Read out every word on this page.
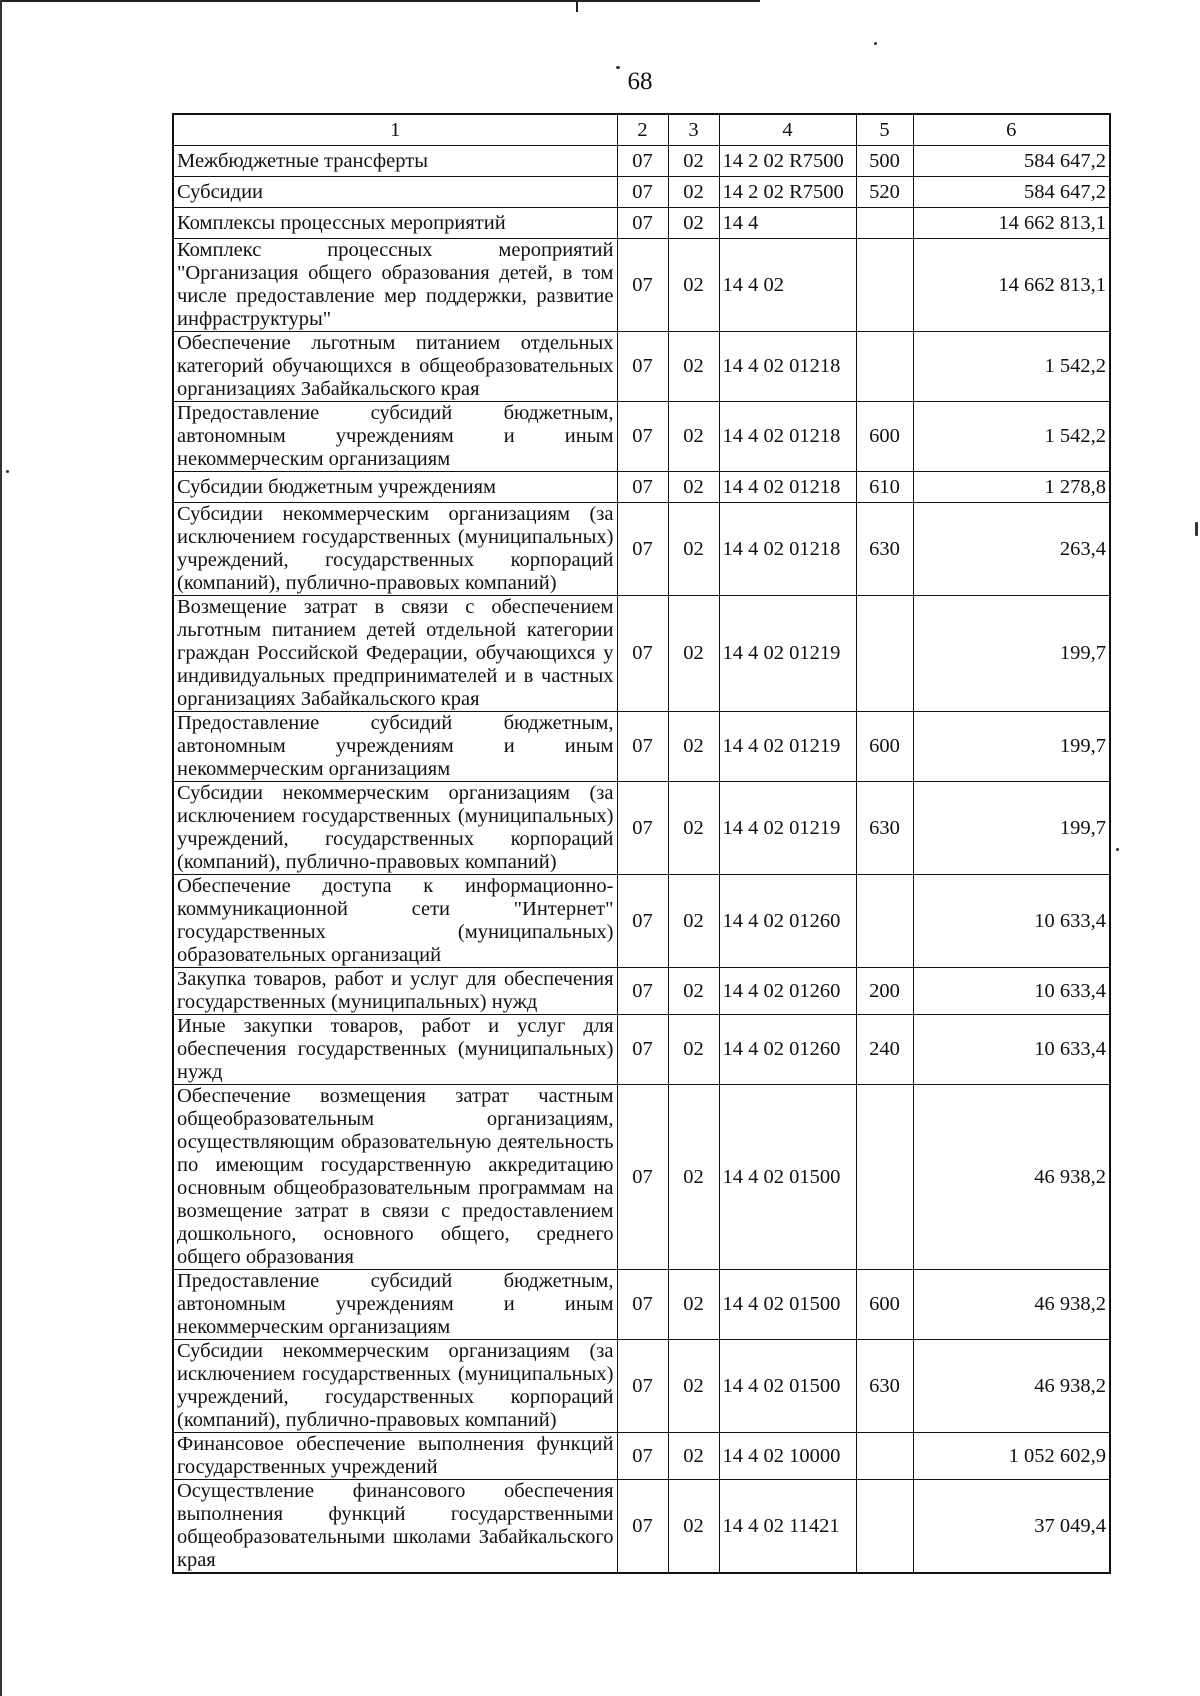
68
1	2	3	4	5	6
Межбюджетные трансферты	07	02	14 2 02 R7500	500	584 647,2
Субсидии	07	02	14 2 02 R7500	520	584 647,2
Комплексы процессных мероприятий	07	02	14 4		14 662 813,1
Комплекс процессных мероприятий "Организация общего образования детей, в том числе предоставление мер поддержки, развитие инфраструктуры"	07	02	14 4 02		14 662 813,1
Обеспечение льготным питанием отдельных категорий обучающихся в общеобразовательных организациях Забайкальского края	07	02	14 4 02 01218		1 542,2
Предоставление субсидий бюджетным, автономным учреждениям и иным некоммерческим организациям	07	02	14 4 02 01218	600	1 542,2
Субсидии бюджетным учреждениям	07	02	14 4 02 01218	610	1 278,8
Субсидии некоммерческим организациям (за исключением государственных (муниципальных) учреждений, государственных корпораций (компаний), публично-правовых компаний)	07	02	14 4 02 01218	630	263,4
Возмещение затрат в связи с обеспечением льготным питанием детей отдельной категории граждан Российской Федерации, обучающихся у индивидуальных предпринимателей и в частных организациях Забайкальского края	07	02	14 4 02 01219		199,7
Предоставление субсидий бюджетным, автономным учреждениям и иным некоммерческим организациям	07	02	14 4 02 01219	600	199,7
Субсидии некоммерческим организациям (за исключением государственных (муниципальных) учреждений, государственных корпораций (компаний), публично-правовых компаний)	07	02	14 4 02 01219	630	199,7
Обеспечение доступа к информационно-коммуникационной сети "Интернет" государственных (муниципальных) образовательных организаций	07	02	14 4 02 01260		10 633,4
Закупка товаров, работ и услуг для обеспечения государственных (муниципальных) нужд	07	02	14 4 02 01260	200	10 633,4
Иные закупки товаров, работ и услуг для обеспечения государственных (муниципальных) нужд	07	02	14 4 02 01260	240	10 633,4
Обеспечение возмещения затрат частным общеобразовательным организациям, осуществляющим образовательную деятельность по имеющим государственную аккредитацию основным общеобразовательным программам на возмещение затрат в связи с предоставлением дошкольного, основного общего, среднего общего образования	07	02	14 4 02 01500		46 938,2
Предоставление субсидий бюджетным, автономным учреждениям и иным некоммерческим организациям	07	02	14 4 02 01500	600	46 938,2
Субсидии некоммерческим организациям (за исключением государственных (муниципальных) учреждений, государственных корпораций (компаний), публично-правовых компаний)	07	02	14 4 02 01500	630	46 938,2
Финансовое обеспечение выполнения функций государственных учреждений	07	02	14 4 02 10000		1 052 602,9
Осуществление финансового обеспечения выполнения функций государственными общеобразовательными школами Забайкальского края	07	02	14 4 02 11421		37 049,4
